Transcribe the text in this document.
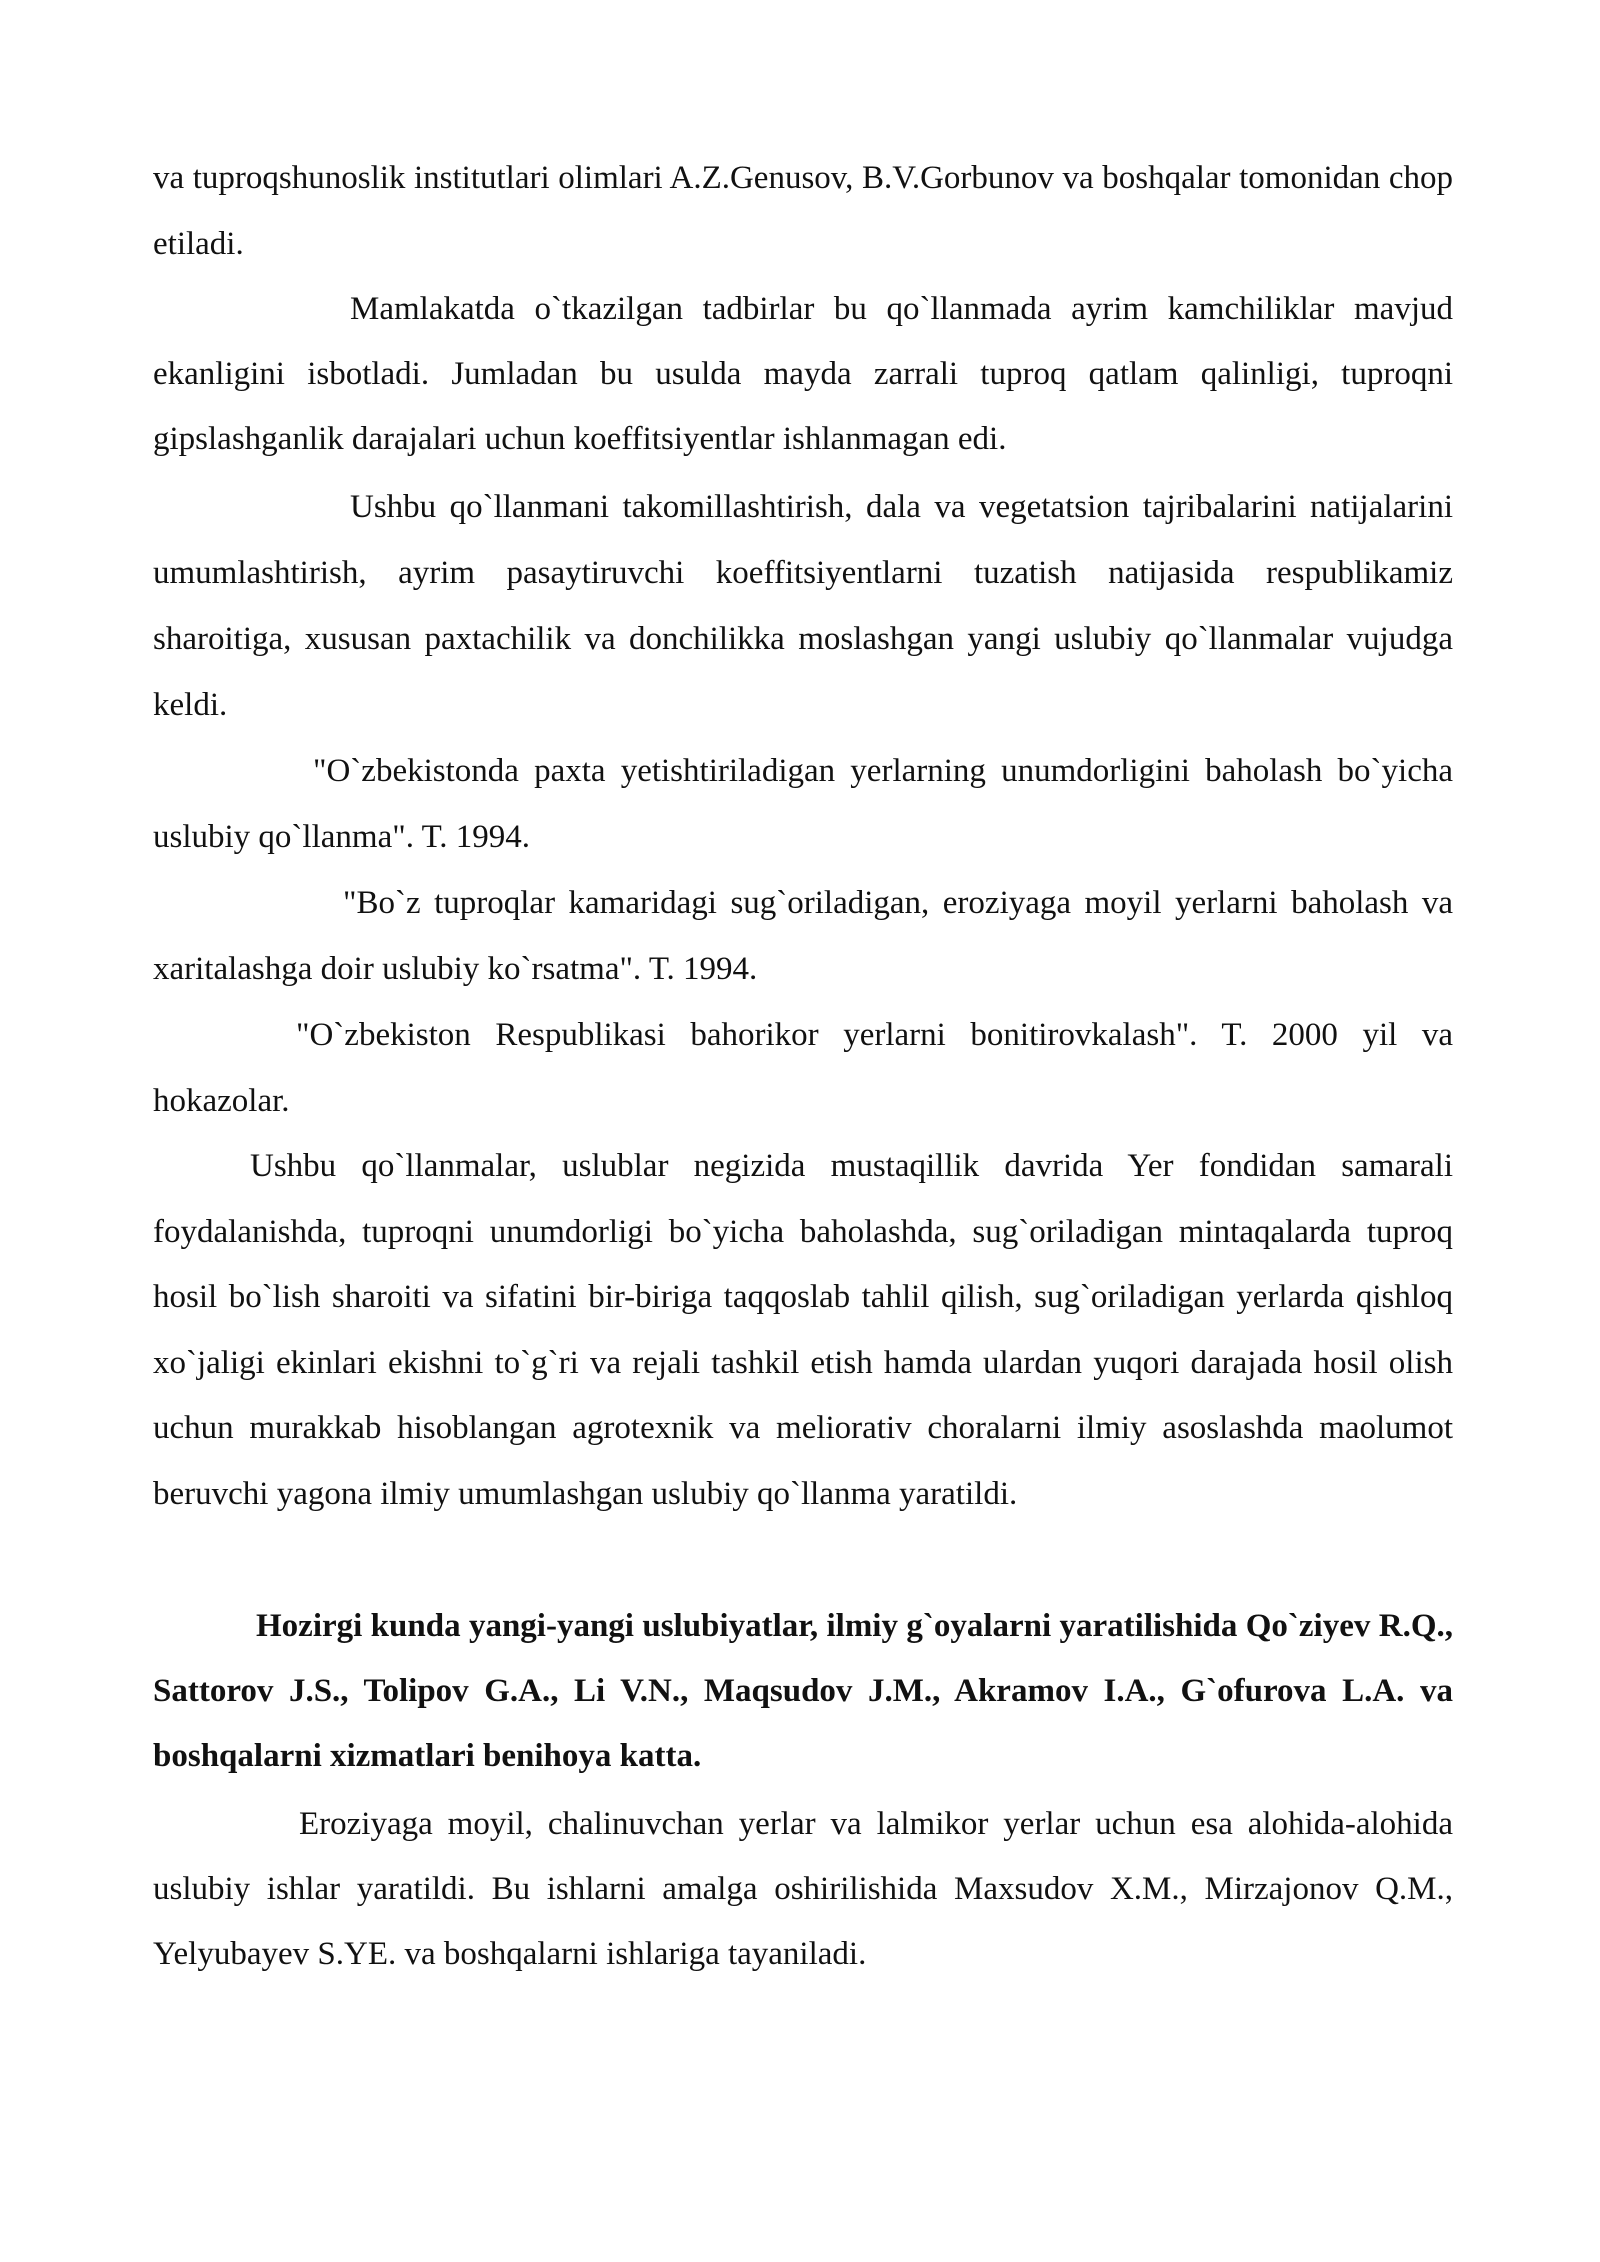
va tuproqshunoslik institutlari olimlari A.Z.Genusov, B.V.Gorbunov va boshqalar tomonidan chop etiladi.

Mamlakatda o`tkazilgan tadbirlar bu qo`llanmada ayrim kamchiliklar mavjud ekanligini isbotladi. Jumladan bu usulda mayda zarrali tuproq qatlam qalinligi, tuproqni gipslashganlik darajalari uchun koeffitsiyentlar ishlanmagan edi.

Ushbu qo`llanmani takomillashtirish, dala va vegetatsion tajribalarini natijalarini umumlashtirish, ayrim pasaytiruvchi koeffitsiyentlarni tuzatish natijasida respublikamiz sharoitiga, xususan paxtachilik va donchilikka moslashgan yangi uslubiy qo`llanmalar vujudga keldi.

"O`zbekistonda paxta yetishtiriladigan yerlarning unumdorligini baholash bo`yicha uslubiy qo`llanma". T. 1994.

"Bo`z tuproqlar kamaridagi sug`oriladigan, eroziyaga moyil yerlarni baholash va xaritalashga doir uslubiy ko`rsatma". T. 1994.

"O`zbekiston Respublikasi bahorikor yerlarni bonitirovkalash". T. 2000 yil va hokazolar.

Ushbu qo`llanmalar, uslublar negizida mustaqillik davrida Yer fondidan samarali foydalanishda, tuproqni unumdorligi bo`yicha baholashda, sug`oriladigan mintaqalarda tuproq hosil bo`lish sharoiti va sifatini bir-biriga taqqoslab tahlil qilish, sug`oriladigan yerlarda qishloq xo`jaligi ekinlari ekishni to`g`ri va rejali tashkil etish hamda ulardan yuqori darajada hosil olish uchun murakkab hisoblangan agrotexnik va meliorativ choralarni ilmiy asoslashda maolumot beruvchi yagona ilmiy umumlashgan uslubiy qo`llanma yaratildi.

Hozirgi kunda yangi-yangi uslubiyatlar, ilmiy g`oyalarni yaratilishida Qo`ziyev R.Q., Sattorov J.S., Tolipov G.A., Li V.N., Maqsudov J.M., Akramov I.A., G`ofurova L.A. va boshqalarni xizmatlari benihoya katta.

Eroziyaga moyil, chalinuvchan yerlar va lalmikor yerlar uchun esa alohida-alohida uslubiy ishlar yaratildi. Bu ishlarni amalga oshirilishida Maxsudov X.M., Mirzajonov Q.M., Yelyubayev S.YE. va boshqalarni ishlariga tayaniladi.
